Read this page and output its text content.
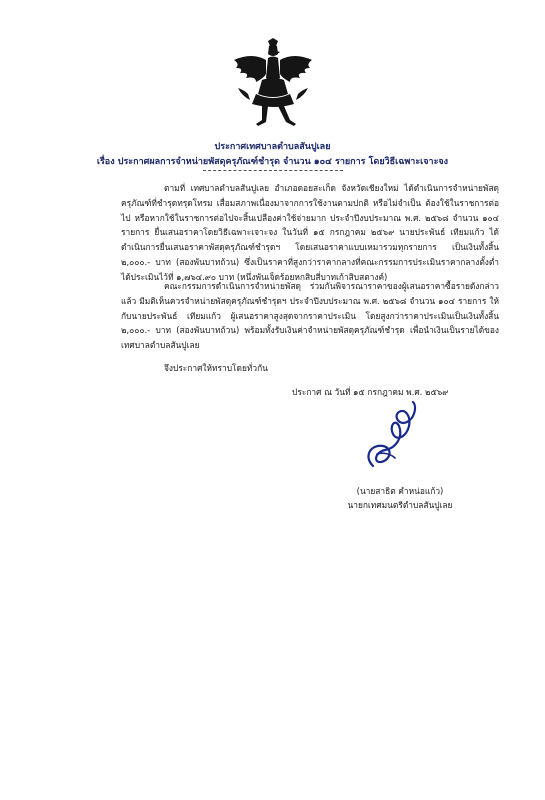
ประกาศเทศบาลตำบลสันปูเลย
เรื่อง ประกาศผลการจำหน่ายพัสดุครุภัณฑ์ชำรุด จำนวน ๑๐๔ รายการ โดยวิธีเฉพาะเจาะจง
ตามที่ เทศบาลตำบลสันปูเลย อำเภอดอยสะเก็ด จังหวัดเชียงใหม่ ได้ดำเนินการจำหน่ายพัสดุครุภัณฑ์ที่ชำรุดทรุดโทรม เสื่อมสภาพเนื่องมาจากการใช้งานตามปกติ หรือไม่จำเป็น ต้องใช้ในราชการต่อไป หรือหากใช้ในราชการต่อไปจะสิ้นเปลืองค่าใช้จ่ายมาก ประจำปีงบประมาณ พ.ศ. ๒๕๖๘ จำนวน ๑๐๔ รายการ ยื่นเสนอราคาโดยวิธีเฉพาะเจาะจง ในวันที่ ๑๕ กรกฎาคม ๒๕๖๙ นายประพันธ์ เทียมแก้ว ได้ดำเนินการยื่นเสนอราคาพัสดุครุภัณฑ์ชำรุดฯ โดยเสนอราคาแบบเหมารวมทุกรายการ เป็นเงินทั้งสิ้น ๒,๐๐๐.- บาท (สองพันบาทถ้วน) ซึ่งเป็นราคาที่สูงกว่าราคากลางที่คณะกรรมการประเมินราคากลางตั้งต่ำได้ประเมินไว้ที่ ๑,๗๖๔.๙๐ บาท (หนึ่งพันเจ็ดร้อยหกสิบสี่บาทเก้าสิบสตางค์)
คณะกรรมการดำเนินการจำหน่ายพัสดุ ร่วมกันพิจารณาราคาของผู้เสนอราคาซื้อรายดังกล่าวแล้ว มีมติเห็นควรจำหน่ายพัสดุครุภัณฑ์ชำรุดฯ ประจำปีงบประมาณ พ.ศ. ๒๕๖๘ จำนวน ๑๐๔ รายการ ให้กับนายประพันธ์ เทียมแก้ว ผู้เสนอราคาสูงสุดจากราคาประเมิน โดยสูงกว่าราคาประเมินเป็นเงินทั้งสิ้น ๒,๐๐๐.- บาท (สองพันบาทถ้วน) พร้อมทั้งรับเงินค่าจำหน่ายพัสดุครุภัณฑ์ชำรุด เพื่อนำเงินเป็นรายได้ของเทศบาลตำบลสันปูเลย
จึงประกาศให้ทราบโดยทั่วกัน
ประกาศ ณ วันที่ ๑๕ กรกฎาคม พ.ศ. ๒๕๖๙
(นายสาธิต คำหน่อแก้ว)
นายกเทศมนตรีตำบลสันปูเลย
